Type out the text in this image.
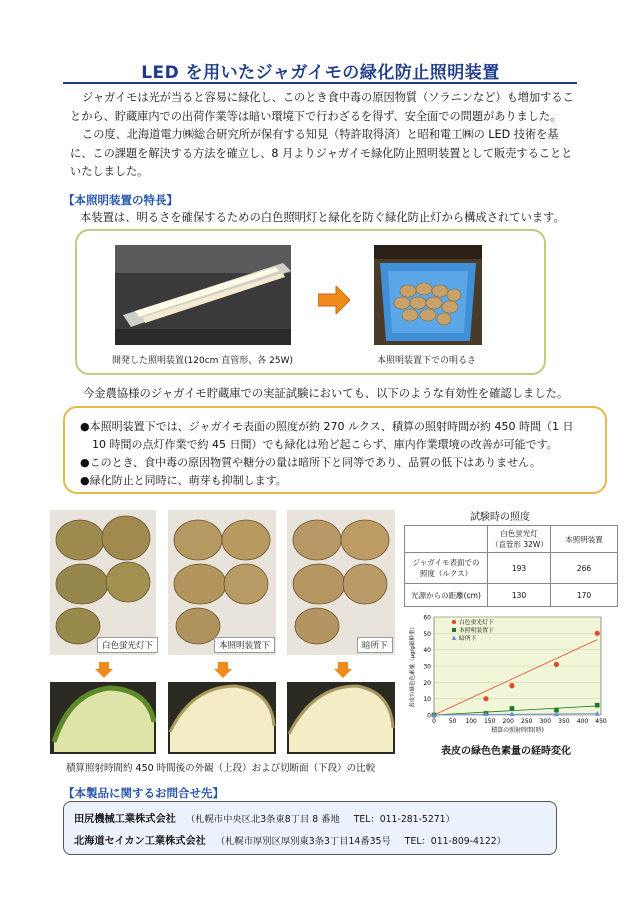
LED を用いたジャガイモの緑化防止照明装置
ジャガイモは光が当ると容易に緑化し、このとき食中毒の原因物質（ソラニンなど）も増加することから、貯蔵庫内での出荷作業等は暗い環境下で行わざるを得ず、安全面での問題がありました。
この度、北海道電力㈱総合研究所が保有する知見（特許取得済）と昭和電工㈱の LED 技術を基に、この課題を解決する方法を確立し、8 月よりジャガイモ緑化防止照明装置として販売することといたしました。
【本照明装置の特長】
本装置は、明るさを確保するための白色照明灯と緑化を防ぐ緑化防止灯から構成されています。
開発した照明装置(120cm 直管形、各 25W)	本照明装置下での明るさ
今金農協様のジャガイモ貯蔵庫での実証試験においても、以下のような有効性を確認しました。
●本照明装置下では、ジャガイモ表面の照度が約 270 ルクス、積算の照射時間が約 450 時間（1 日
10 時間の点灯作業で約 45 日間）でも緑化は殆ど起こらず、庫内作業環境の改善が可能です。
●このとき、食中毒の原因物質や糖分の量は暗所下と同等であり、品質の低下はありません。
●緑化防止と同時に、萌芽も抑制します。
白色蛍光灯下	本照明装置下	暗所下
積算照射時間約 450 時間後の外観（上段）および切断面（下段）の比較
試験時の照度
	白色蛍光灯
（直管形 32W）	本照明装置
ジャガイモ表面での
照度（ルクス）	193	266
光源からの距離(cm)	130	170
0
10
20
30
40
50
60
0 50 100 150 200 250 300 350 400 450
積算の照射時間(時)
表皮の緑色色素量（μg/g新鮮重）
白色蛍光灯下
本照明装置下
暗所下
表皮の緑色色素量の経時変化
【本製品に関するお問合せ先】
田尻機械工業株式会社 （札幌市中央区北3条東8丁目 8 番地 TEL：011-281-5271）
北海道セイカン工業株式会社 （札幌市厚別区厚別東3条3丁目14番35号 TEL：011-809-4122）
